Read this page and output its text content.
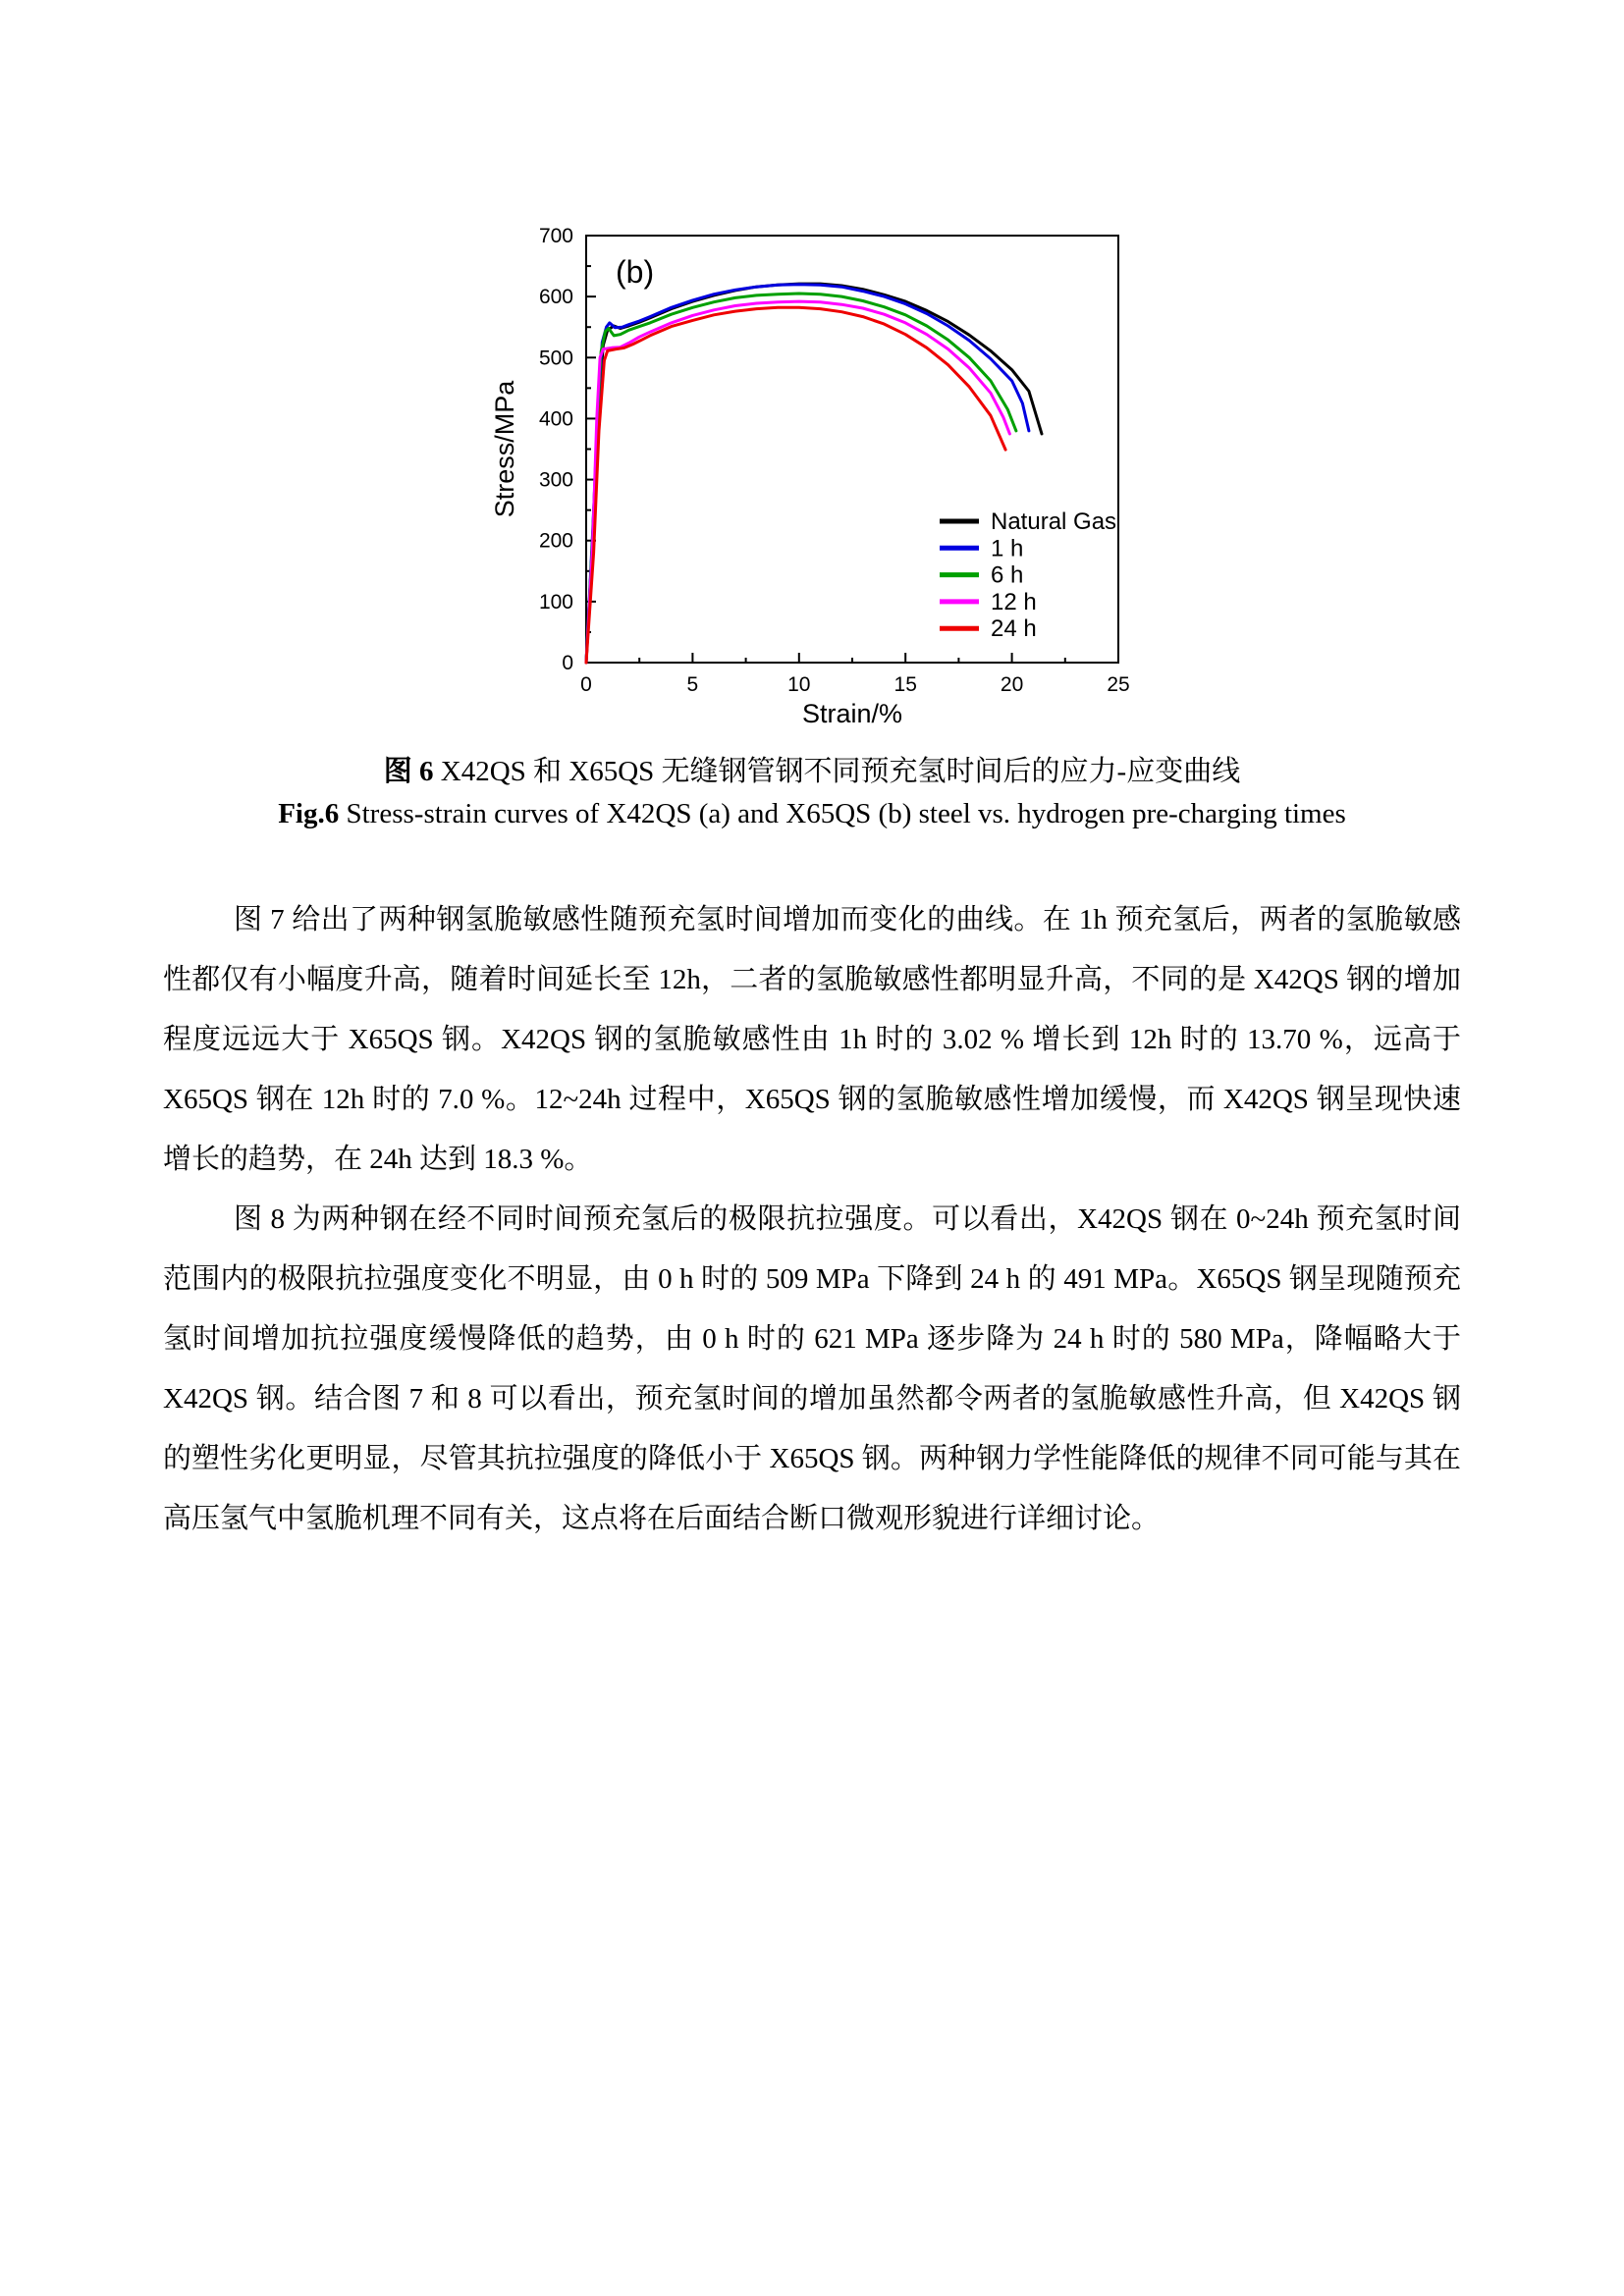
0	5	10	15	20	25
0
100
200
300
400
500
600
700
Natural Gas
1 h
6 h
12 h
24 h
(b)
Strain/%
Stress/MPa
图 6 X42QS 和 X65QS 无缝钢管钢不同预充氢时间后的应力-应变曲线
Fig.6 Stress-strain curves of X42QS (a) and X65QS (b) steel vs. hydrogen pre-charging times

图 7 给出了两种钢氢脆敏感性随预充氢时间增加而变化的曲线。在 1h 预充氢后，两者的氢脆敏感性都仅有小幅度升高，随着时间延长至 12h，二者的氢脆敏感性都明显升高，不同的是 X42QS 钢的增加程度远远大于 X65QS 钢。X42QS 钢的氢脆敏感性由 1h 时的 3.02 % 增长到 12h 时的 13.70 %，远高于 X65QS 钢在 12h 时的 7.0 %。12~24h 过程中，X65QS 钢的氢脆敏感性增加缓慢，而 X42QS 钢呈现快速增长的趋势，在 24h 达到 18.3 %。

图 8 为两种钢在经不同时间预充氢后的极限抗拉强度。可以看出，X42QS 钢在 0~24h 预充氢时间范围内的极限抗拉强度变化不明显，由 0 h 时的 509 MPa 下降到 24 h 的 491 MPa。X65QS 钢呈现随预充氢时间增加抗拉强度缓慢降低的趋势，由 0 h 时的 621 MPa 逐步降为 24 h 时的 580 MPa，降幅略大于 X42QS 钢。结合图 7 和 8 可以看出，预充氢时间的增加虽然都令两者的氢脆敏感性升高，但 X42QS 钢的塑性劣化更明显，尽管其抗拉强度的降低小于 X65QS 钢。两种钢力学性能降低的规律不同可能与其在高压氢气中氢脆机理不同有关，这点将在后面结合断口微观形貌进行详细讨论。
